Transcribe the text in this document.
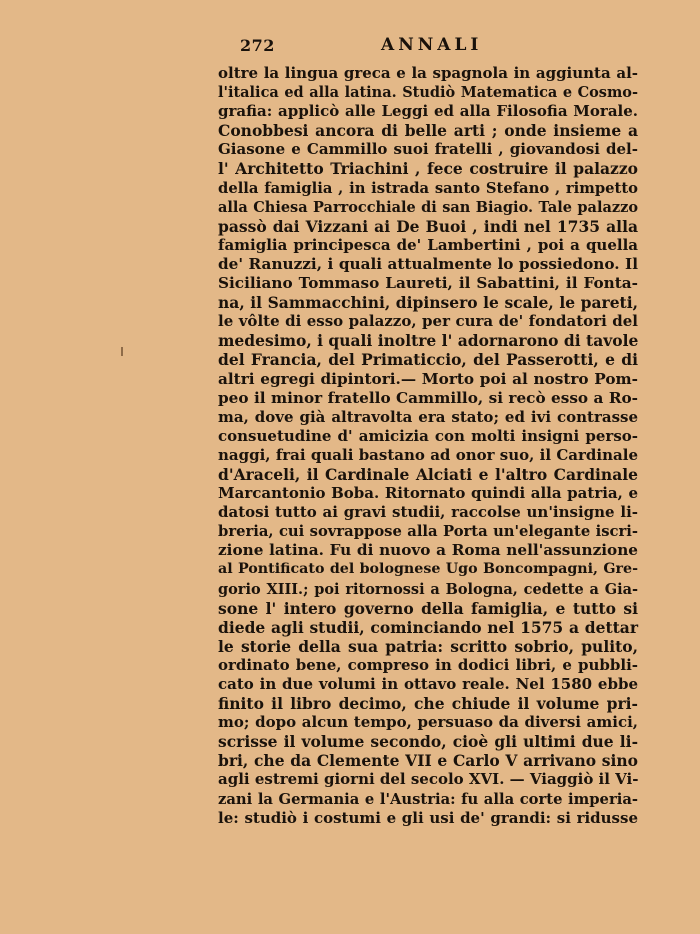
272	ANNALI
oltre la lingua greca e la spagnola in aggiunta al-
l'italica ed alla latina. Studiò Matematica e Cosmo-
grafia: applicò alle Leggi ed alla Filosofia Morale.
Conobbesi ancora di belle arti ; onde insieme a
Giasone e Cammillo suoi fratelli , giovandosi del-
l' Architetto Triachini , fece costruire il palazzo
della famiglia , in istrada santo Stefano , rimpetto
alla Chiesa Parrocchiale di san Biagio. Tale palazzo
passò dai Vizzani ai De Buoi , indi nel 1735 alla
famiglia principesca de' Lambertini , poi a quella
de' Ranuzzi, i quali attualmente lo possiedono. Il
Siciliano Tommaso Laureti, il Sabattini, il Fonta-
na, il Sammacchini, dipinsero le scale, le pareti,
le vôlte di esso palazzo, per cura de' fondatori del
medesimo, i quali inoltre l' adornarono di tavole
del Francia, del Primaticcio, del Passerotti, e di
altri egregi dipintori.— Morto poi al nostro Pom-
peo il minor fratello Cammillo, si recò esso a Ro-
ma, dove già altravolta era stato; ed ivi contrasse
consuetudine d' amicizia con molti insigni perso-
naggi, frai quali bastano ad onor suo, il Cardinale
d'Araceli, il Cardinale Alciati e l'altro Cardinale
Marcantonio Boba. Ritornato quindi alla patria, e
datosi tutto ai gravi studii, raccolse un'insigne li-
breria, cui sovrappose alla Porta un'elegante iscri-
zione latina. Fu di nuovo a Roma nell'assunzione
al Pontificato del bolognese Ugo Boncompagni, Gre-
gorio XIII.; poi ritornossi a Bologna, cedette a Gia-
sone l' intero governo della famiglia, e tutto si
diede agli studii, cominciando nel 1575 a dettar
le storie della sua patria: scritto sobrio, pulito,
ordinato bene, compreso in dodici libri, e pubbli-
cato in due volumi in ottavo reale. Nel 1580 ebbe
finito il libro decimo, che chiude il volume pri-
mo; dopo alcun tempo, persuaso da diversi amici,
scrisse il volume secondo, cioè gli ultimi due li-
bri, che da Clemente VII e Carlo V arrivano sino
agli estremi giorni del secolo XVI. — Viaggiò il Vi-
zani la Germania e l'Austria: fu alla corte imperia-
le: studiò i costumi e gli usi de' grandi: si ridusse
